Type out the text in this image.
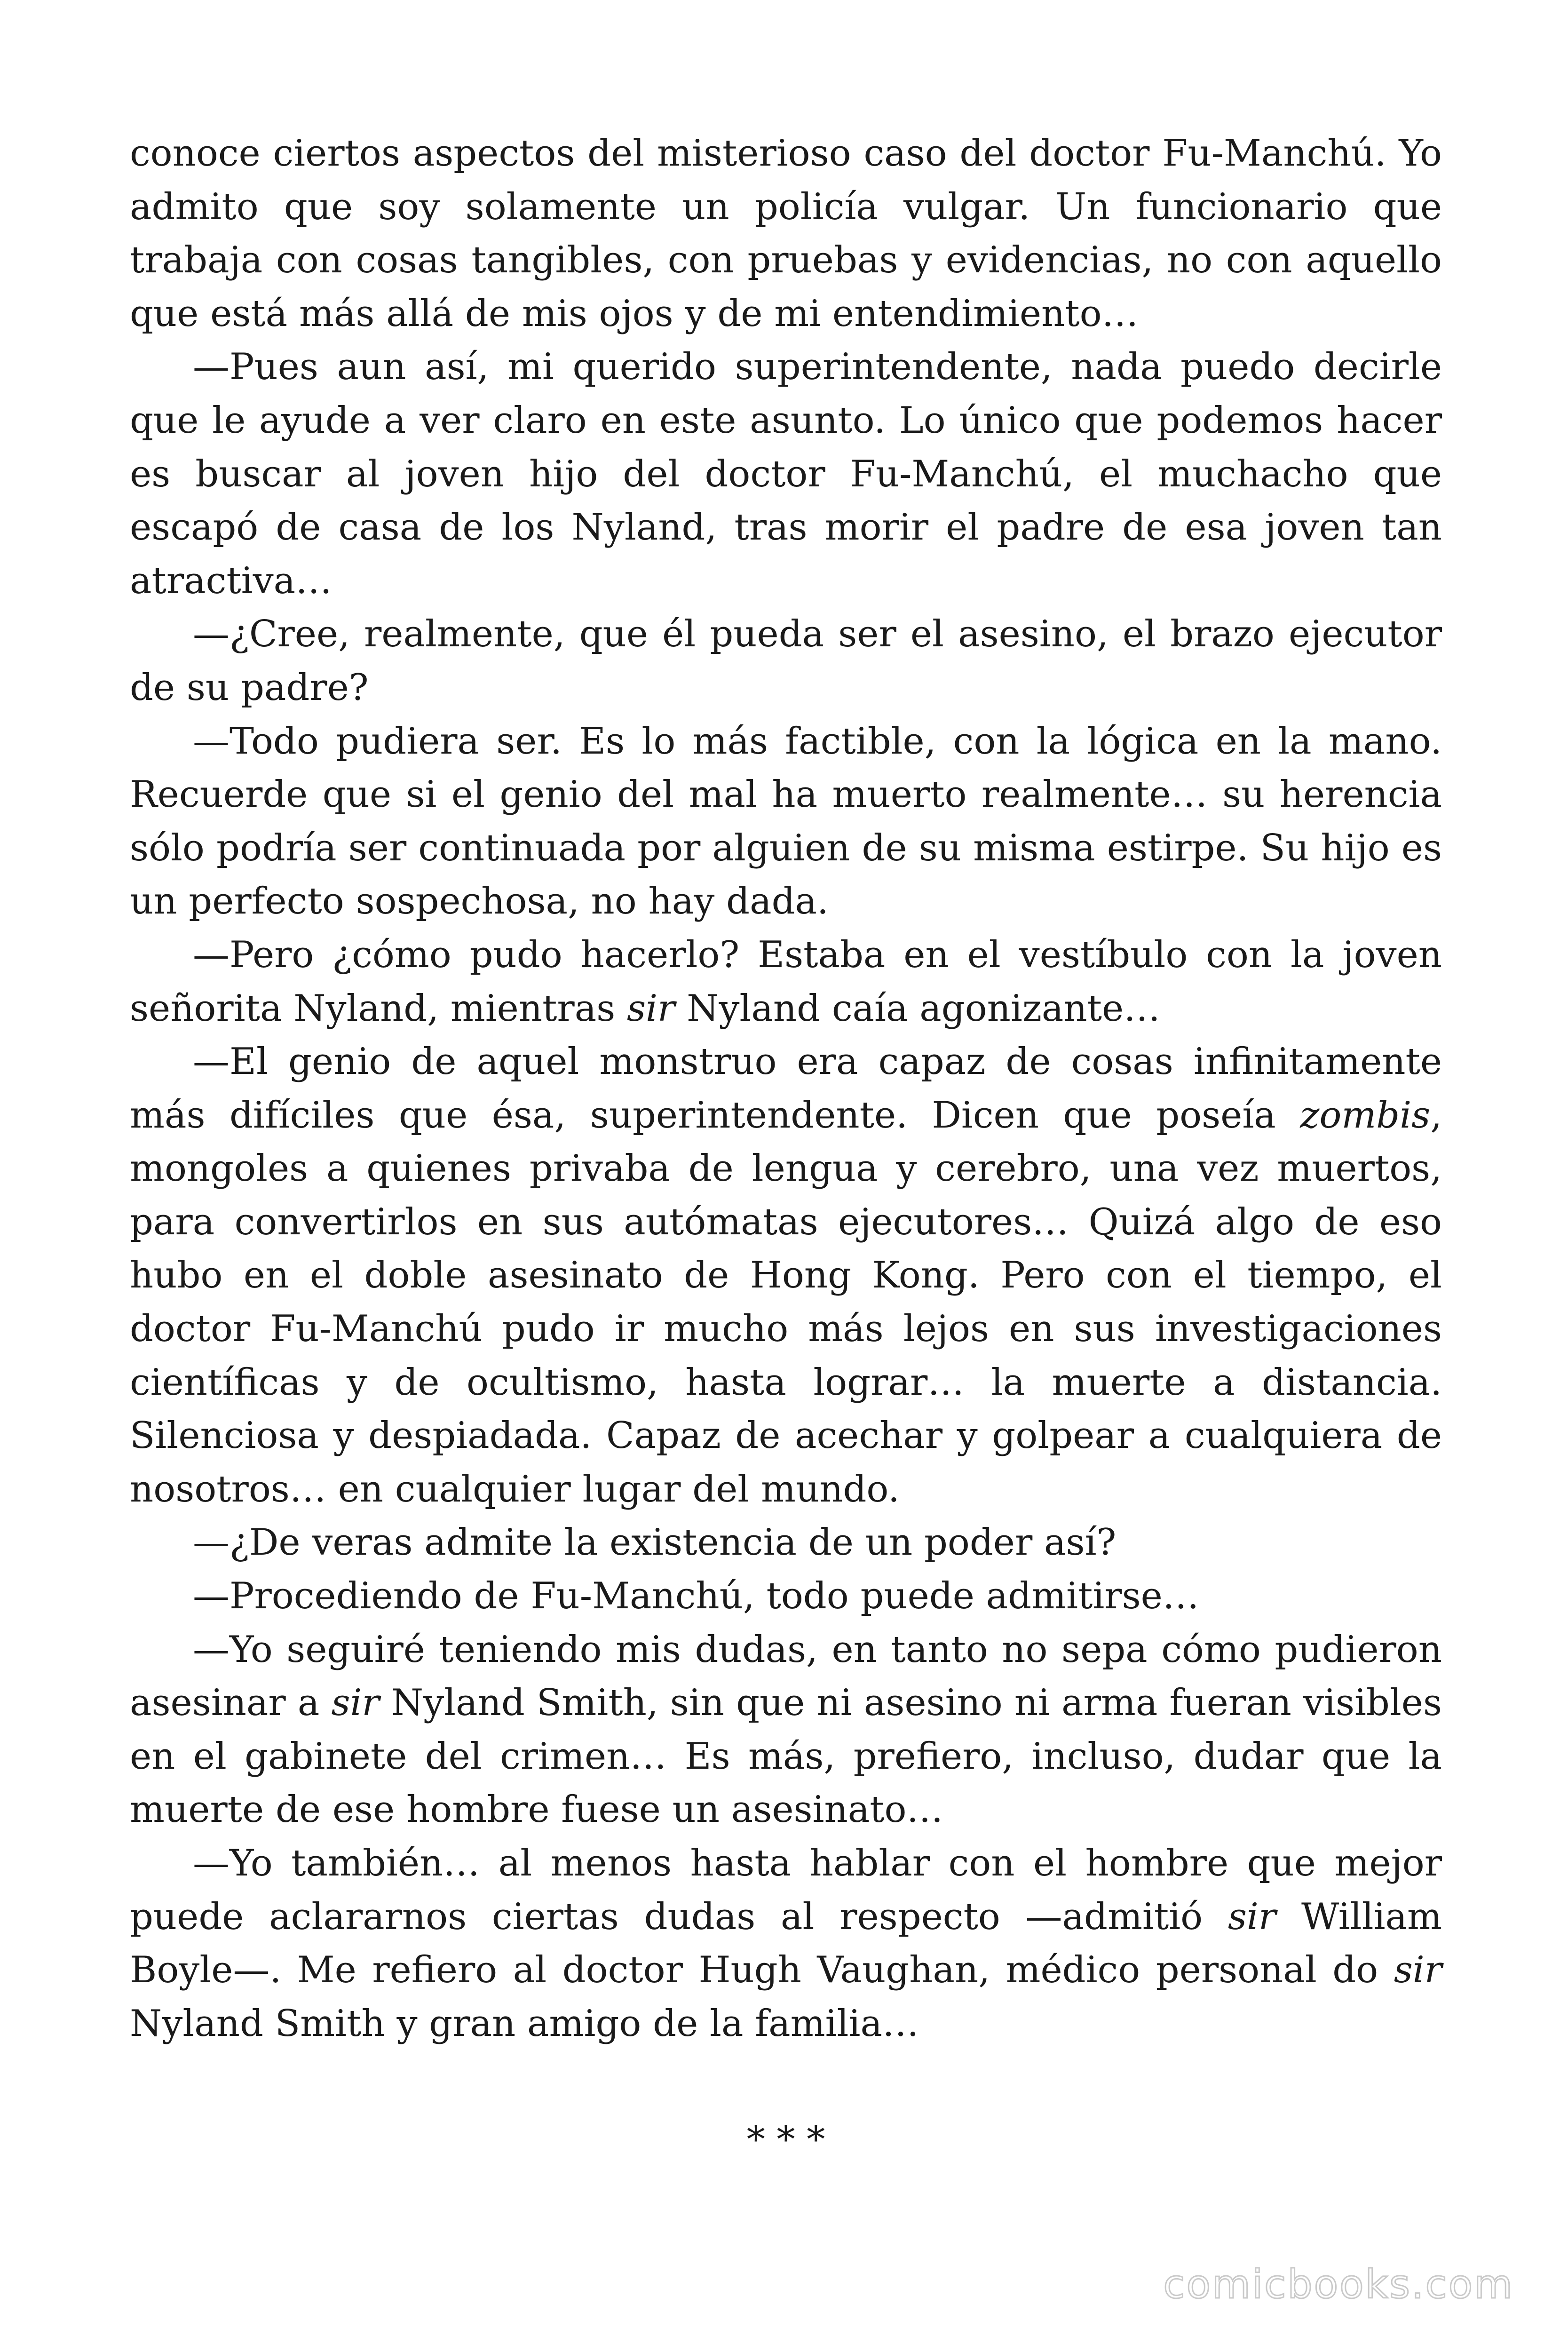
conoce ciertos aspectos del misterioso caso del doctor Fu-Manchú. Yo admito que soy solamente un policía vulgar. Un funcionario que trabaja con cosas tangibles, con pruebas y evidencias, no con aquello que está más allá de mis ojos y de mi entendimiento…

—Pues aun así, mi querido superintendente, nada puedo decirle que le ayude a ver claro en este asunto. Lo único que podemos hacer es buscar al joven hijo del doctor Fu-Manchú, el muchacho que escapó de casa de los Nyland, tras morir el padre de esa joven tan atractiva…

—¿Cree, realmente, que él pueda ser el asesino, el brazo ejecutor de su padre?

—Todo pudiera ser. Es lo más factible, con la lógica en la mano. Recuerde que si el genio del mal ha muerto realmente… su herencia sólo podría ser continuada por alguien de su misma estirpe. Su hijo es un perfecto sospechosa, no hay dada.

—Pero ¿cómo pudo hacerlo? Estaba en el vestíbulo con la joven señorita Nyland, mientras sir Nyland caía agonizante…

—El genio de aquel monstruo era capaz de cosas infinitamente más difíciles que ésa, superintendente. Dicen que poseía zombis, mongoles a quienes privaba de lengua y cerebro, una vez muertos, para convertirlos en sus autómatas ejecutores… Quizá algo de eso hubo en el doble asesinato de Hong Kong. Pero con el tiempo, el doctor Fu-Manchú pudo ir mucho más lejos en sus investigaciones científicas y de ocultismo, hasta lograr… la muerte a distancia. Silenciosa y despiadada. Capaz de acechar y golpear a cualquiera de nosotros… en cualquier lugar del mundo.

—¿De veras admite la existencia de un poder así?

—Procediendo de Fu-Manchú, todo puede admitirse…

—Yo seguiré teniendo mis dudas, en tanto no sepa cómo pudieron asesinar a sir Nyland Smith, sin que ni asesino ni arma fueran visibles en el gabinete del crimen… Es más, prefiero, incluso, dudar que la muerte de ese hombre fuese un asesinato…

—Yo también… al menos hasta hablar con el hombre que mejor puede aclararnos ciertas dudas al respecto —admitió sir William Boyle—. Me refiero al doctor Hugh Vaughan, médico personal do sir Nyland Smith y gran amigo de la familia…

* * *
comicbooks.com
